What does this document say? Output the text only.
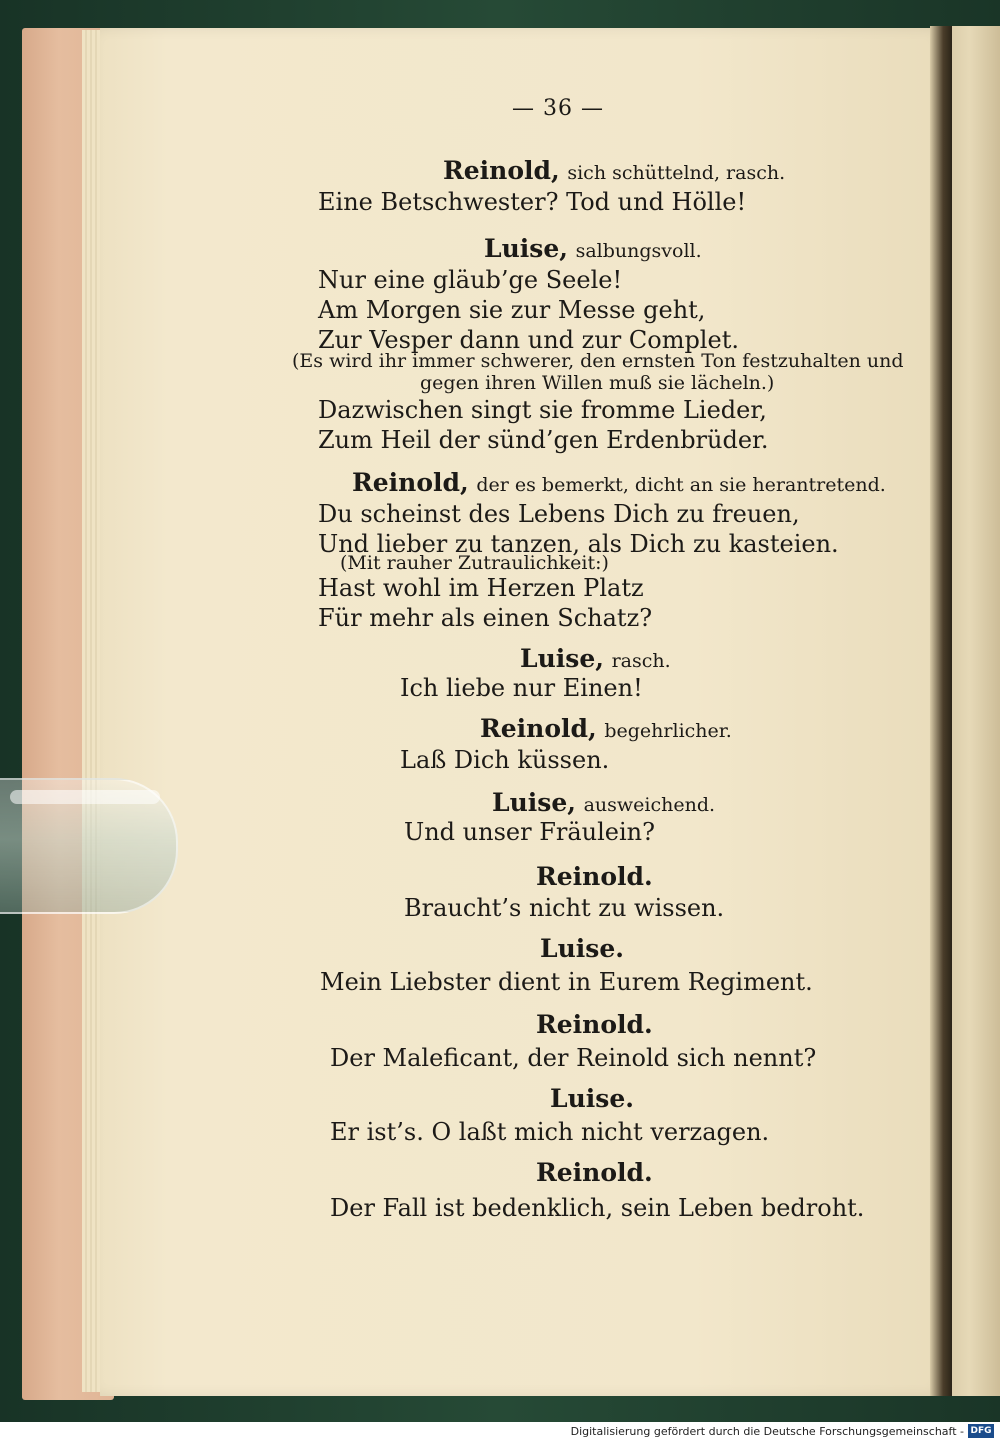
— 36 —
Reinold, sich schüttelnd, rasch.
Eine Betschwester? Tod und Hölle!
Luise, salbungsvoll.
Nur eine gläub’ge Seele!
Am Morgen sie zur Messe geht,
Zur Vesper dann und zur Complet.
(Es wird ihr immer schwerer, den ernsten Ton festzuhalten und
gegen ihren Willen muß sie lächeln.)
Dazwischen singt sie fromme Lieder,
Zum Heil der sünd’gen Erdenbrüder.
Reinold, der es bemerkt, dicht an sie herantretend.
Du scheinst des Lebens Dich zu freuen,
Und lieber zu tanzen, als Dich zu kasteien.
(Mit rauher Zutraulichkeit:)
Hast wohl im Herzen Platz
Für mehr als einen Schatz?
Luise, rasch.
Ich liebe nur Einen!
Reinold, begehrlicher.
Laß Dich küssen.
Luise, ausweichend.
Und unser Fräulein?
Reinold.
Braucht’s nicht zu wissen.
Luise.
Mein Liebster dient in Eurem Regiment.
Reinold.
Der Maleficant, der Reinold sich nennt?
Luise.
Er ist’s. O laßt mich nicht verzagen.
Reinold.
Der Fall ist bedenklich, sein Leben bedroht.
Digitalisierung gefördert durch die Deutsche Forschungsgemeinschaft - DFG
